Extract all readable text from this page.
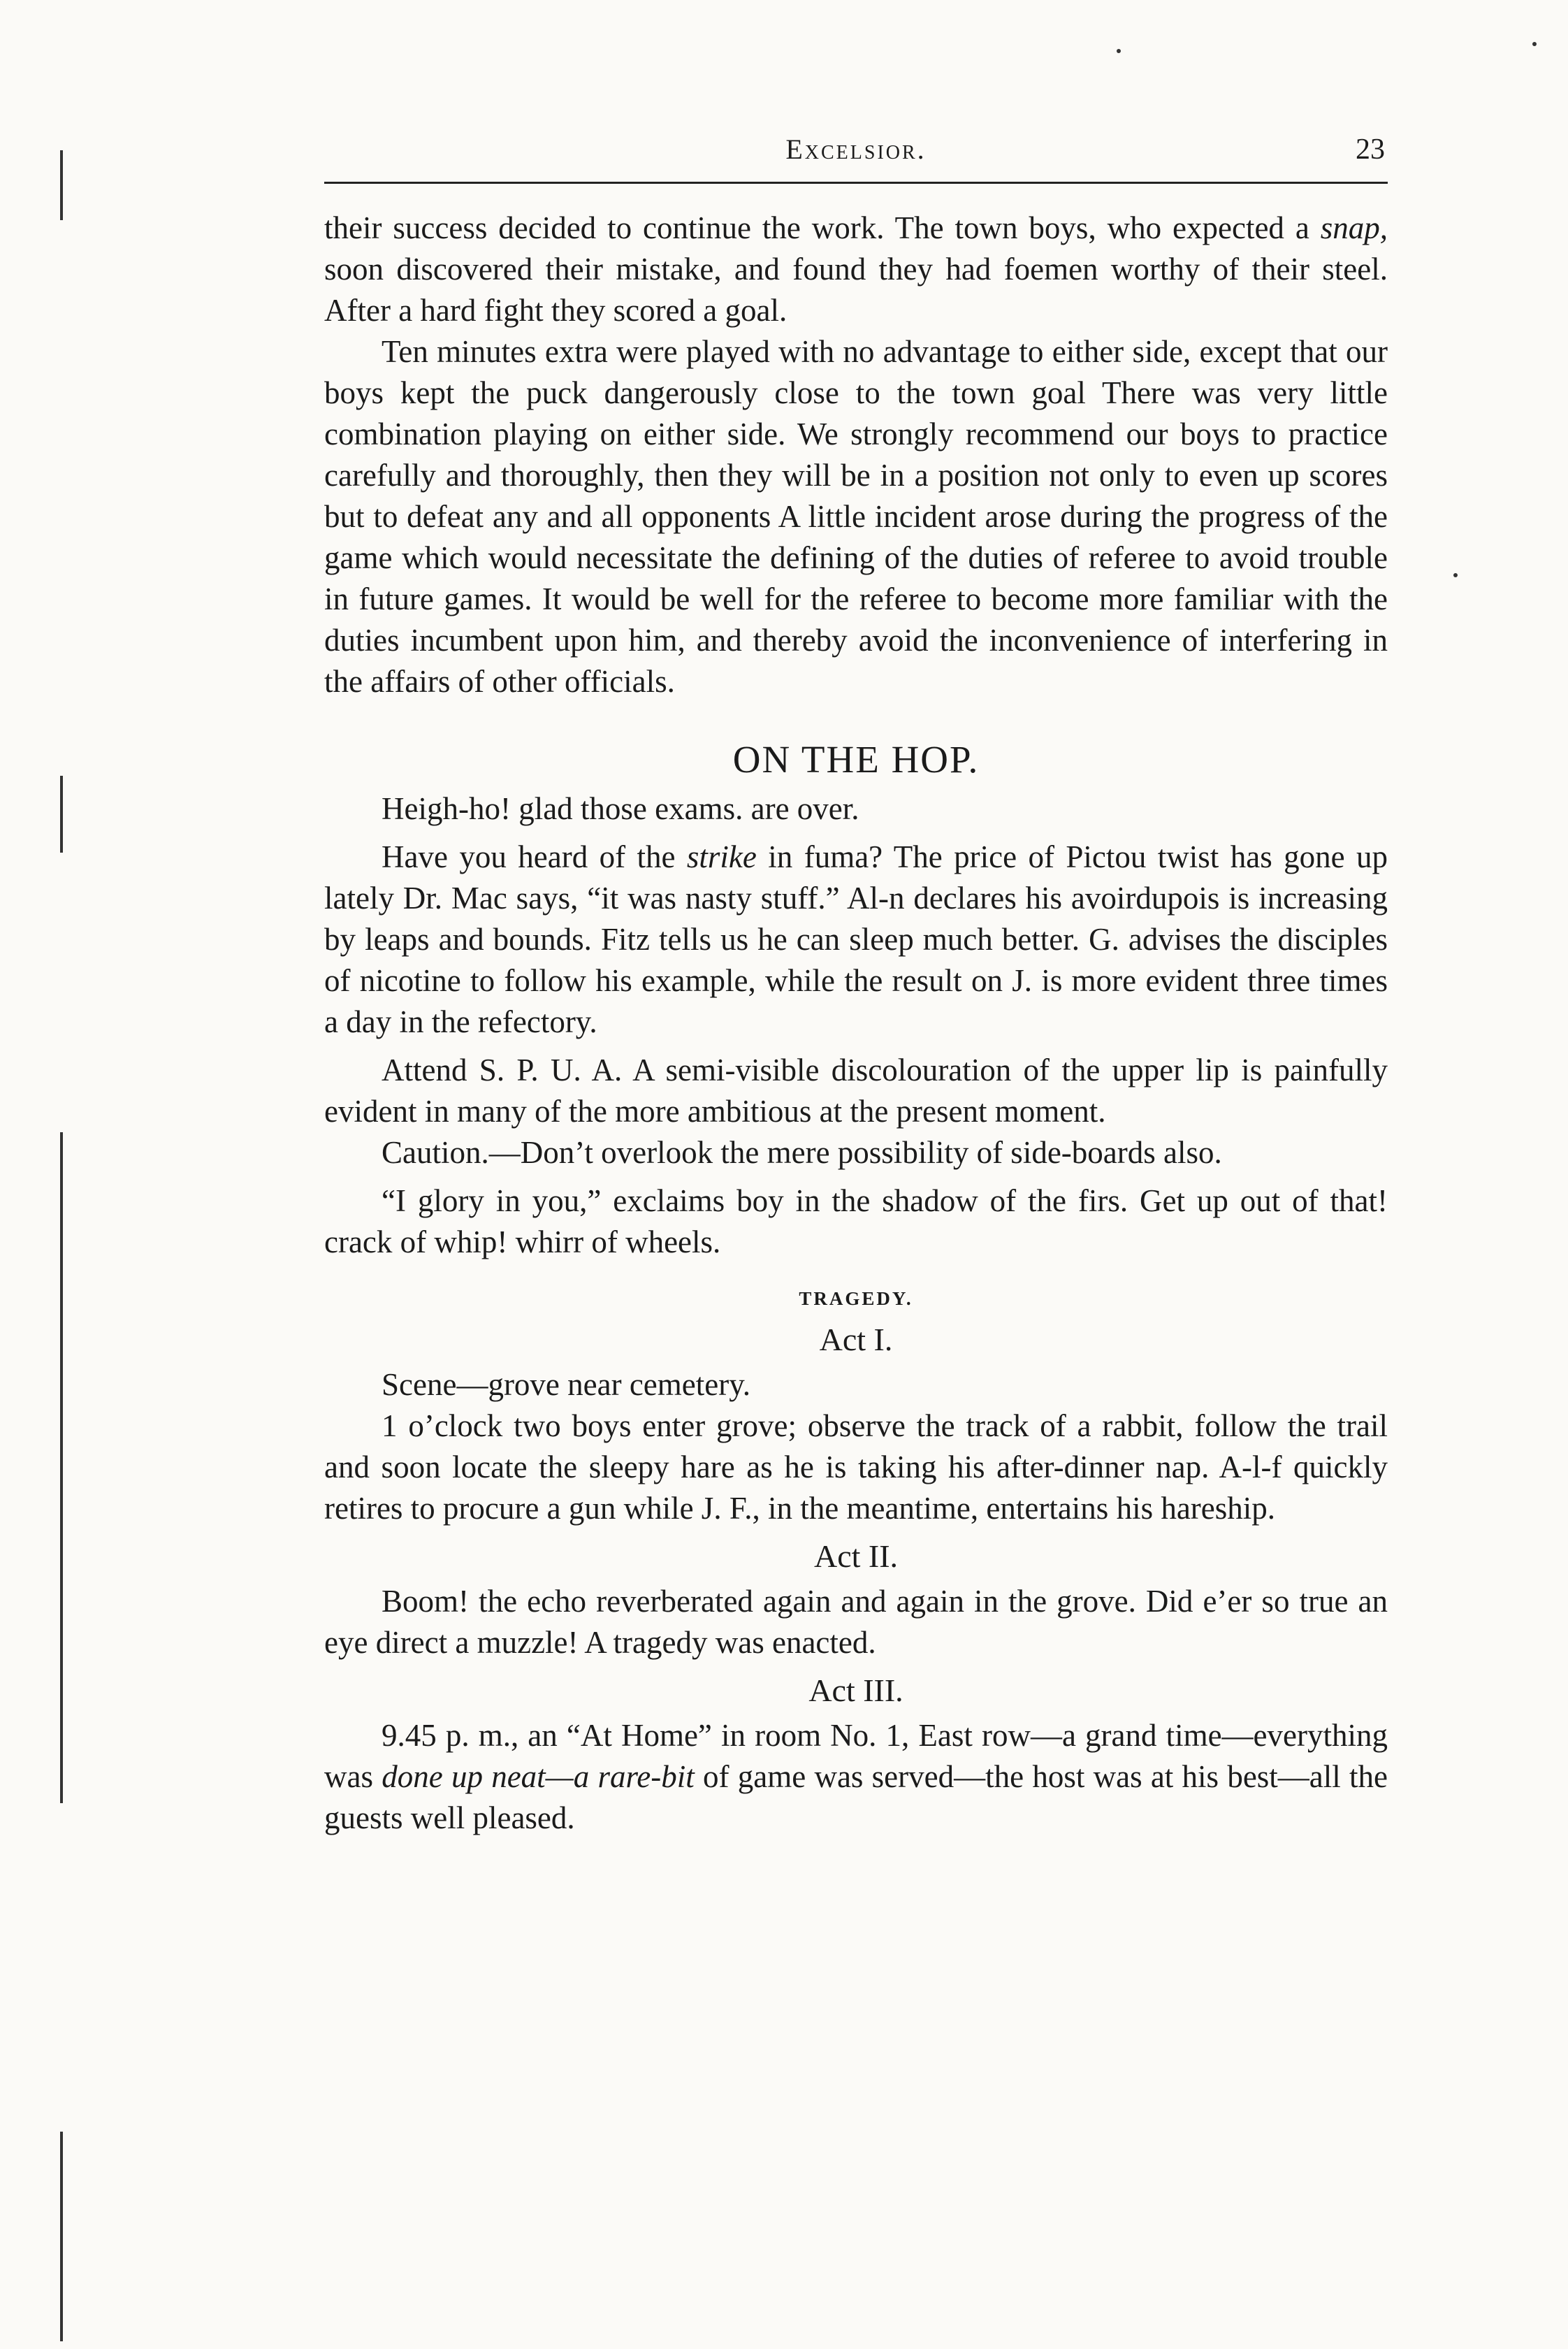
Excelsior.	23

their success decided to continue the work. The town boys, who expected a snap, soon discovered their mistake, and found they had foemen worthy of their steel. After a hard fight they scored a goal.

Ten minutes extra were played with no advantage to either side, except that our boys kept the puck dangerously close to the town goal There was very little combination playing on either side. We strongly recommend our boys to practice carefully and thoroughly, then they will be in a position not only to even up scores but to defeat any and all opponents A little incident arose during the progress of the game which would necessitate the defining of the duties of referee to avoid trouble in future games. It would be well for the referee to become more familiar with the duties incumbent upon him, and thereby avoid the inconvenience of interfering in the affairs of other officials.

ON THE HOP.

Heigh-ho! glad those exams. are over.

Have you heard of the strike in fuma? The price of Pictou twist has gone up lately Dr. Mac says, “it was nasty stuff.” Al-n declares his avoirdupois is increasing by leaps and bounds. Fitz tells us he can sleep much better. G. advises the disciples of nicotine to follow his example, while the result on J. is more evident three times a day in the refectory.

Attend S. P. U. A. A semi-visible discolouration of the upper lip is painfully evident in many of the more ambitious at the present moment.

Caution.—Don’t overlook the mere possibility of side-boards also.

“I glory in you,” exclaims boy in the shadow of the firs. Get up out of that! crack of whip! whirr of wheels.

TRAGEDY.
Act I.

Scene—grove near cemetery.

1 o’clock two boys enter grove; observe the track of a rabbit, follow the trail and soon locate the sleepy hare as he is taking his after-dinner nap. A-l-f quickly retires to procure a gun while J. F., in the meantime, entertains his hareship.

Act II.

Boom! the echo reverberated again and again in the grove. Did e’er so true an eye direct a muzzle! A tragedy was enacted.

Act III.

9.45 p. m., an “At Home” in room No. 1, East row—a grand time—everything was done up neat—a rare-bit of game was served—the host was at his best—all the guests well pleased.
